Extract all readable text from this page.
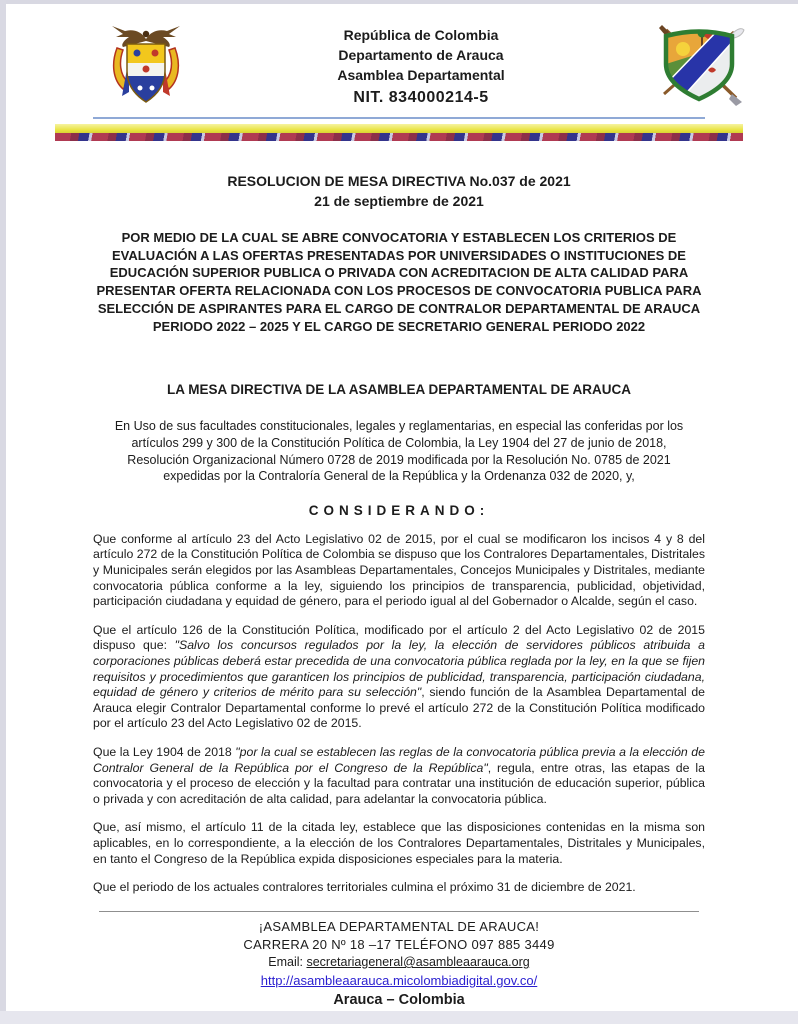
República de Colombia
Departamento de Arauca
Asamblea Departamental
NIT. 834000214-5
RESOLUCION DE MESA DIRECTIVA No.037 de 2021
21 de septiembre de 2021

POR MEDIO DE LA CUAL SE ABRE CONVOCATORIA Y ESTABLECEN LOS CRITERIOS DE EVALUACIÓN A LAS OFERTAS PRESENTADAS POR UNIVERSIDADES O INSTITUCIONES DE EDUCACIÓN SUPERIOR PUBLICA O PRIVADA CON ACREDITACION DE ALTA CALIDAD PARA PRESENTAR OFERTA RELACIONADA CON LOS PROCESOS DE CONVOCATORIA PUBLICA PARA SELECCIÓN DE ASPIRANTES PARA EL CARGO DE CONTRALOR DEPARTAMENTAL DE ARAUCA PERIODO 2022 – 2025 Y EL CARGO DE SECRETARIO GENERAL PERIODO 2022

LA MESA DIRECTIVA DE LA ASAMBLEA DEPARTAMENTAL DE ARAUCA

En Uso de sus facultades constitucionales, legales y reglamentarias, en especial las conferidas por los artículos 299 y 300 de la Constitución Política de Colombia, la Ley 1904 del 27 de junio de 2018, Resolución Organizacional Número 0728 de 2019 modificada por la Resolución No. 0785 de 2021 expedidas por la Contraloría General de la República y la Ordenanza 032 de 2020, y,

CONSIDERANDO:

Que conforme al artículo 23 del Acto Legislativo 02 de 2015, por el cual se modificaron los incisos 4 y 8 del artículo 272 de la Constitución Política de Colombia se dispuso que los Contralores Departamentales, Distritales y Municipales serán elegidos por las Asambleas Departamentales, Concejos Municipales y Distritales, mediante convocatoria pública conforme a la ley, siguiendo los principios de transparencia, publicidad, objetividad, participación ciudadana y equidad de género, para el periodo igual al del Gobernador o Alcalde, según el caso.

Que el artículo 126 de la Constitución Política, modificado por el artículo 2 del Acto Legislativo 02 de 2015 dispuso que: "Salvo los concursos regulados por la ley, la elección de servidores públicos atribuida a corporaciones públicas deberá estar precedida de una convocatoria pública reglada por la ley, en la que se fijen requisitos y procedimientos que garanticen los principios de publicidad, transparencia, participación ciudadana, equidad de género y criterios de mérito para su selección", siendo función de la Asamblea Departamental de Arauca elegir Contralor Departamental conforme lo prevé el artículo 272 de la Constitución Política modificado por el artículo 23 del Acto Legislativo 02 de 2015.

Que la Ley 1904 de 2018 "por la cual se establecen las reglas de la convocatoria pública previa a la elección de Contralor General de la República por el Congreso de la República", regula, entre otras, las etapas de la convocatoria y el proceso de elección y la facultad para contratar una institución de educación superior, pública o privada y con acreditación de alta calidad, para adelantar la convocatoria pública.

Que, así mismo, el artículo 11 de la citada ley, establece que las disposiciones contenidas en la misma son aplicables, en lo correspondiente, a la elección de los Contralores Departamentales, Distritales y Municipales, en tanto el Congreso de la República expida disposiciones especiales para la materia.

Que el periodo de los actuales contralores territoriales culmina el próximo 31 de diciembre de 2021.

¡ASAMBLEA DEPARTAMENTAL DE ARAUCA!
CARRERA 20 Nº 18 –17 TELÉFONO 097 885 3449
Email: secretariageneral@asambleaarauca.org
http://asambleaarauca.micolombiadigital.gov.co/
Arauca – Colombia
